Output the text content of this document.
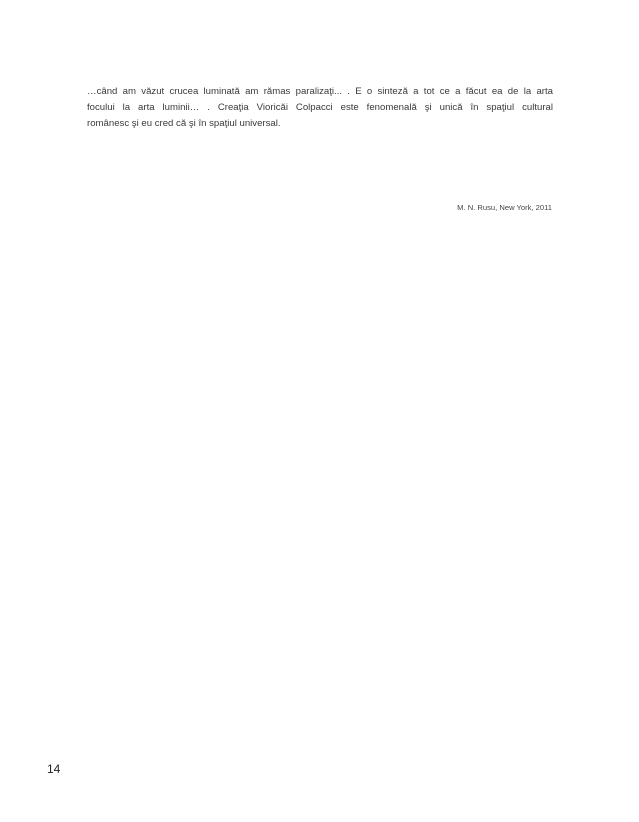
…când am văzut crucea luminată am rămas paralizaţi... . E o sinteză a tot ce a făcut ea de la arta
focului la arta luminii… . Creaţia Vioricăi Colpacci este fenomenală şi unică în spaţiul cultural
românesc şi eu cred că şi în spaţiul universal.
M. N. Rusu, New York, 2011
14
